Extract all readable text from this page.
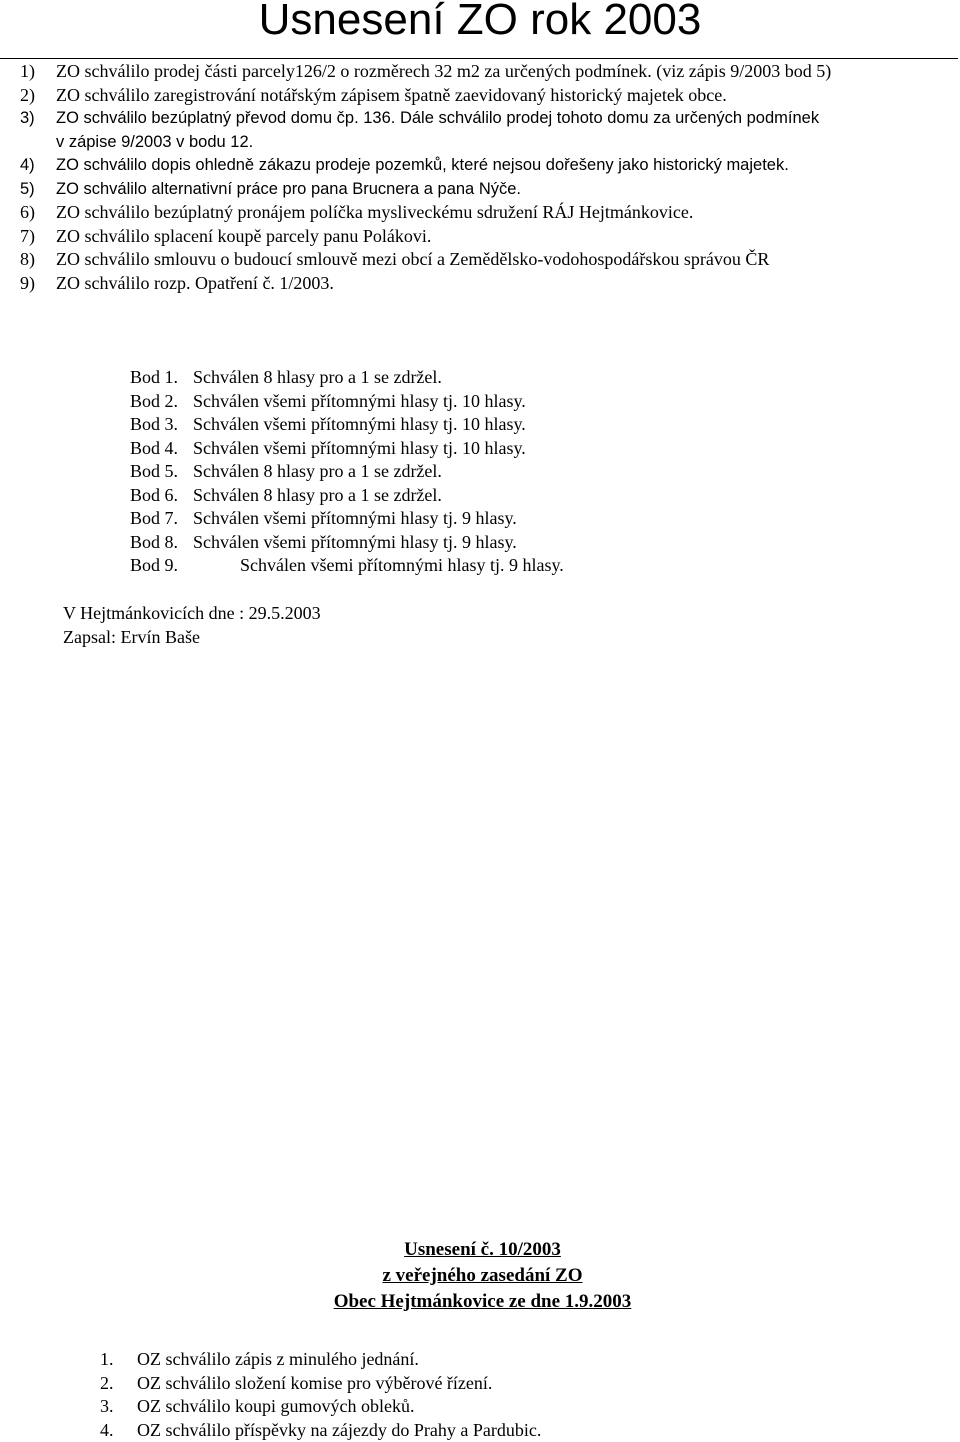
Usnesení ZO rok 2003
1) ZO schválilo prodej části parcely126/2 o rozměrech 32 m2 za určených podmínek. (viz zápis 9/2003 bod 5)
2) ZO schválilo zaregistrování notářským zápisem špatně zaevidovaný historický majetek obce.
3) ZO schválilo bezúplatný převod domu čp. 136. Dále schválilo prodej tohoto domu za určených podmínek
v zápise 9/2003 v bodu 12.
4) ZO schválilo dopis ohledně zákazu prodeje pozemků, které nejsou dořešeny jako historický majetek.
5) ZO schválilo alternativní práce pro pana Brucnera a pana Nýče.
6) ZO schválilo bezúplatný pronájem políčka mysliveckému sdružení RÁJ Hejtmánkovice.
7) ZO schválilo splacení koupě parcely panu Polákovi.
8) ZO schválilo smlouvu o budoucí smlouvě mezi obcí a Zemědělsko-vodohospodářskou správou ČR
9) ZO schválilo rozp. Opatření č. 1/2003.
Bod 1. Schválen 8 hlasy pro a 1 se zdržel.
Bod 2. Schválen všemi přítomnými hlasy tj. 10 hlasy.
Bod 3. Schválen všemi přítomnými hlasy tj. 10 hlasy.
Bod 4. Schválen všemi přítomnými hlasy tj. 10 hlasy.
Bod 5. Schválen 8 hlasy pro a 1 se zdržel.
Bod 6. Schválen 8 hlasy pro a 1 se zdržel.
Bod 7. Schválen všemi přítomnými hlasy tj. 9 hlasy.
Bod 8. Schválen všemi přítomnými hlasy tj. 9 hlasy.
Bod 9.	Schválen všemi přítomnými hlasy tj. 9 hlasy.
V Hejtmánkovicích dne : 29.5.2003
Zapsal: Ervín Baše
Usnesení č. 10/2003
z veřejného zasedání ZO
Obec Hejtmánkovice ze dne 1.9.2003
1. OZ schválilo zápis z minulého jednání.
2. OZ schválilo složení komise pro výběrové řízení.
3. OZ schválilo koupi gumových obleků.
4. OZ schválilo příspěvky na zájezdy do Prahy a Pardubic.
